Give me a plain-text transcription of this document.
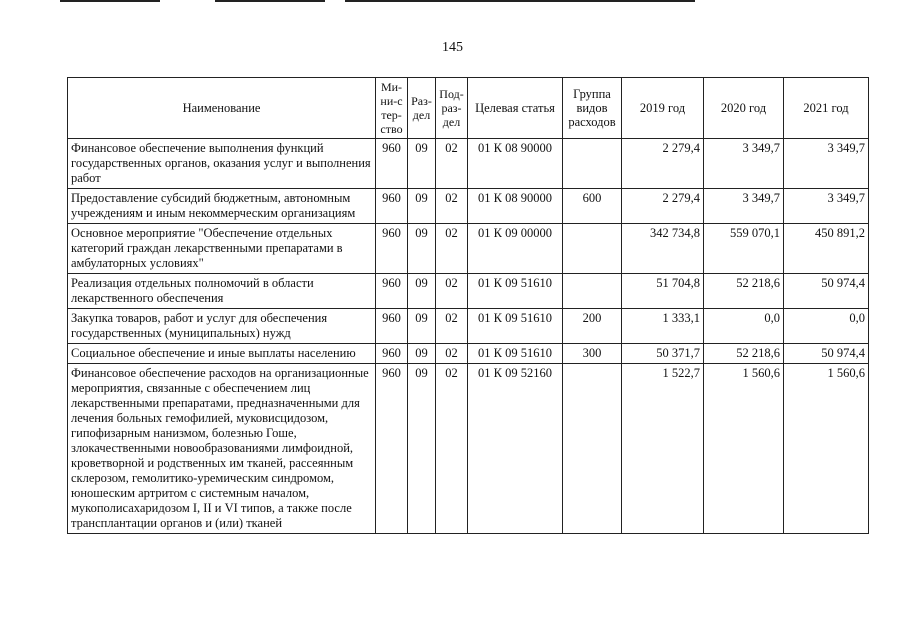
145
Наименование	Ми-ни-стер-ство	Раз-дел	Под-раз-дел	Целевая статья	Группа видов расходов	2019 год	2020 год	2021 год
Финансовое обеспечение выполнения функций государственных органов, оказания услуг и выполнения работ	960	09	02	01 К 08 90000		2 279,4	3 349,7	3 349,7
Предоставление субсидий бюджетным, автономным учреждениям и иным некоммерческим организациям	960	09	02	01 К 08 90000	600	2 279,4	3 349,7	3 349,7
Основное мероприятие "Обеспечение отдельных категорий граждан лекарственными препаратами в амбулаторных условиях"	960	09	02	01 К 09 00000		342 734,8	559 070,1	450 891,2
Реализация отдельных полномочий в области лекарственного обеспечения	960	09	02	01 К 09 51610		51 704,8	52 218,6	50 974,4
Закупка товаров, работ и услуг для обеспечения государственных (муниципальных) нужд	960	09	02	01 К 09 51610	200	1 333,1	0,0	0,0
Социальное обеспечение и иные выплаты населению	960	09	02	01 К 09 51610	300	50 371,7	52 218,6	50 974,4
Финансовое обеспечение расходов на организационные мероприятия, связанные с обеспечением лиц лекарственными препаратами, предназначенными для лечения больных гемофилией, муковисцидозом, гипофизарным нанизмом, болезнью Гоше, злокачественными новообразованиями лимфоидной, кроветворной и родственных им тканей, рассеянным склерозом, гемолитико-уремическим синдромом, юношеским артритом с системным началом, мукополисахаридозом I, II и VI типов, а также после трансплантации органов и (или) тканей	960	09	02	01 К 09 52160		1 522,7	1 560,6	1 560,6
